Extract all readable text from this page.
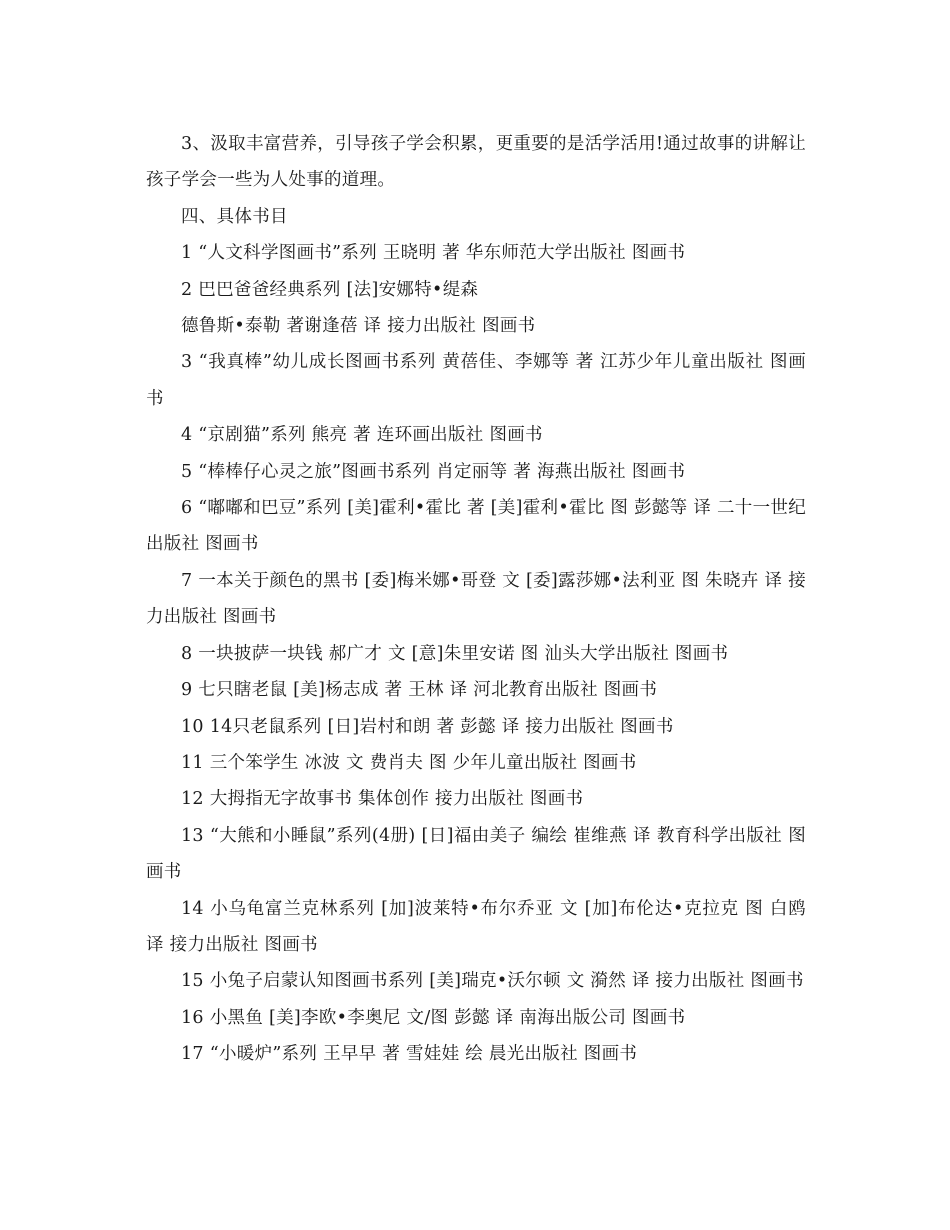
3、汲取丰富营养，引导孩子学会积累，更重要的是活学活用!通过故事的讲解让孩子学会一些为人处事的道理。

四、具体书目

1 “人文科学图画书”系列 王晓明 著 华东师范大学出版社 图画书

2 巴巴爸爸经典系列 [法]安娜特•缇森

德鲁斯•泰勒 著谢逢蓓 译 接力出版社 图画书

3 “我真棒”幼儿成长图画书系列 黄蓓佳、李娜等 著 江苏少年儿童出版社 图画书

4 “京剧猫”系列 熊亮 著 连环画出版社 图画书

5 “棒棒仔心灵之旅”图画书系列 肖定丽等 著 海燕出版社 图画书

6 “嘟嘟和巴豆”系列 [美]霍利•霍比 著 [美]霍利•霍比 图 彭懿等 译 二十一世纪出版社 图画书

7 一本关于颜色的黑书 [委]梅米娜•哥登 文 [委]露莎娜•法利亚 图 朱晓卉 译 接力出版社 图画书

8 一块披萨一块钱 郝广才 文 [意]朱里安诺 图 汕头大学出版社 图画书

9 七只瞎老鼠 [美]杨志成 著 王林 译 河北教育出版社 图画书

10 14只老鼠系列 [日]岩村和朗 著 彭懿 译 接力出版社 图画书

11 三个笨学生 冰波 文 费肖夫 图 少年儿童出版社 图画书

12 大拇指无字故事书 集体创作 接力出版社 图画书

13 “大熊和小睡鼠”系列(4册) [日]福由美子 编绘 崔维燕 译 教育科学出版社 图画书

14 小乌龟富兰克林系列 [加]波莱特•布尔乔亚 文 [加]布伦达•克拉克 图 白鸥 译 接力出版社 图画书

15 小兔子启蒙认知图画书系列 [美]瑞克•沃尔顿 文 漪然 译 接力出版社 图画书

16 小黑鱼 [美]李欧•李奥尼 文/图 彭懿 译 南海出版公司 图画书

17 “小暖炉”系列 王早早 著 雪娃娃 绘 晨光出版社 图画书
